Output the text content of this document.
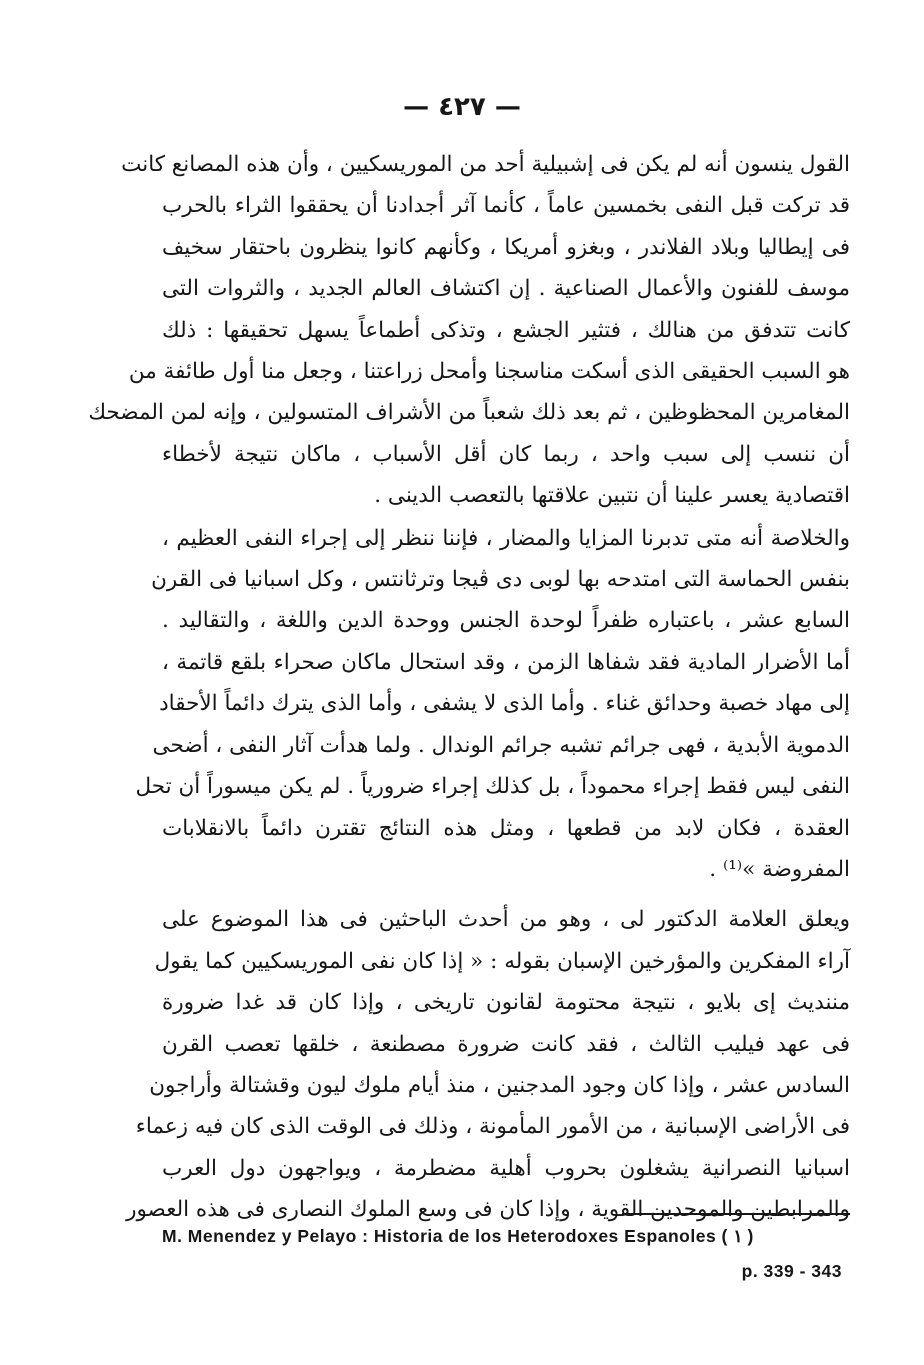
— ٤٢٧ —
القول ينسون أنه لم يكن فى إشبيلية أحد من الموريسكيين ، وأن هذه المصانع كانت
قد تركت قبل النفى بخمسين عاماً ، كأنما آثر أجدادنا أن يحققوا الثراء بالحرب
فى إيطاليا وبلاد الفلاندر ، وبغزو أمريكا ، وكأنهم كانوا ينظرون باحتقار سخيف
موسف للفنون والأعمال الصناعية . إن اكتشاف العالم الجديد ، والثروات التى
كانت تتدفق من هنالك ، فتثير الجشع ، وتذكى أطماعاً يسهل تحقيقها : ذلك
هو السبب الحقيقى الذى أسكت مناسجنا وأمحل زراعتنا ، وجعل منا أول طائفة من
المغامرين المحظوظين ، ثم بعد ذلك شعباً من الأشراف المتسولين ، وإنه لمن المضحك
أن ننسب إلى سبب واحد ، ربما كان أقل الأسباب ، ماكان نتيجة لأخطاء
اقتصادية يعسر علينا أن نتبين علاقتها بالتعصب الدينى .
والخلاصة أنه متى تدبرنا المزايا والمضار ، فإننا ننظر إلى إجراء النفى العظيم ،
بنفس الحماسة التى امتدحه بها لوبى دى ڤيجا وترثانتس ، وكل اسبانيا فى القرن
السابع عشر ، باعتباره ظفراً لوحدة الجنس ووحدة الدين واللغة ، والتقاليد .
أما الأضرار المادية فقد شفاها الزمن ، وقد استحال ماكان صحراء بلقع قاتمة ،
إلى مهاد خصبة وحدائق غناء . وأما الذى لا يشفى ، وأما الذى يترك دائماً الأحقاد
الدموية الأبدية ، فهى جرائم تشبه جرائم الوندال . ولما هدأت آثار النفى ، أضحى
النفى ليس فقط إجراء محموداً ، بل كذلك إجراء ضرورياً . لم يكن ميسوراً أن تحل
العقدة ، فكان لابد من قطعها ، ومثل هذه النتائج تقترن دائماً بالانقلابات
المفروضة »⁽¹⁾ .
ويعلق العلامة الدكتور لى ، وهو من أحدث الباحثين فى هذا الموضوع على
آراء المفكرين والمؤرخين الإسبان بقوله : « إذا كان نفى الموريسكيين كما يقول
مننديث إى بلايو ، نتيجة محتومة لقانون تاريخى ، وإذا كان قد غدا ضرورة
فى عهد فيليب الثالث ، فقد كانت ضرورة مصطنعة ، خلقها تعصب القرن
السادس عشر ، وإذا كان وجود المدجنين ، منذ أيام ملوك ليون وقشتالة وأراجون
فى الأراضى الإسبانية ، من الأمور المأمونة ، وذلك فى الوقت الذى كان فيه زعماء
اسبانيا النصرانية يشغلون بحروب أهلية مضطرمة ، ويواجهون دول العرب
والمرابطين والموحدين القوية ، وإذا كان فى وسع الملوك النصارى فى هذه العصور
M. Menendez y Pelayo : Historia de los Heterodoxes Espanoles ( ١ )
p. 339 - 343
